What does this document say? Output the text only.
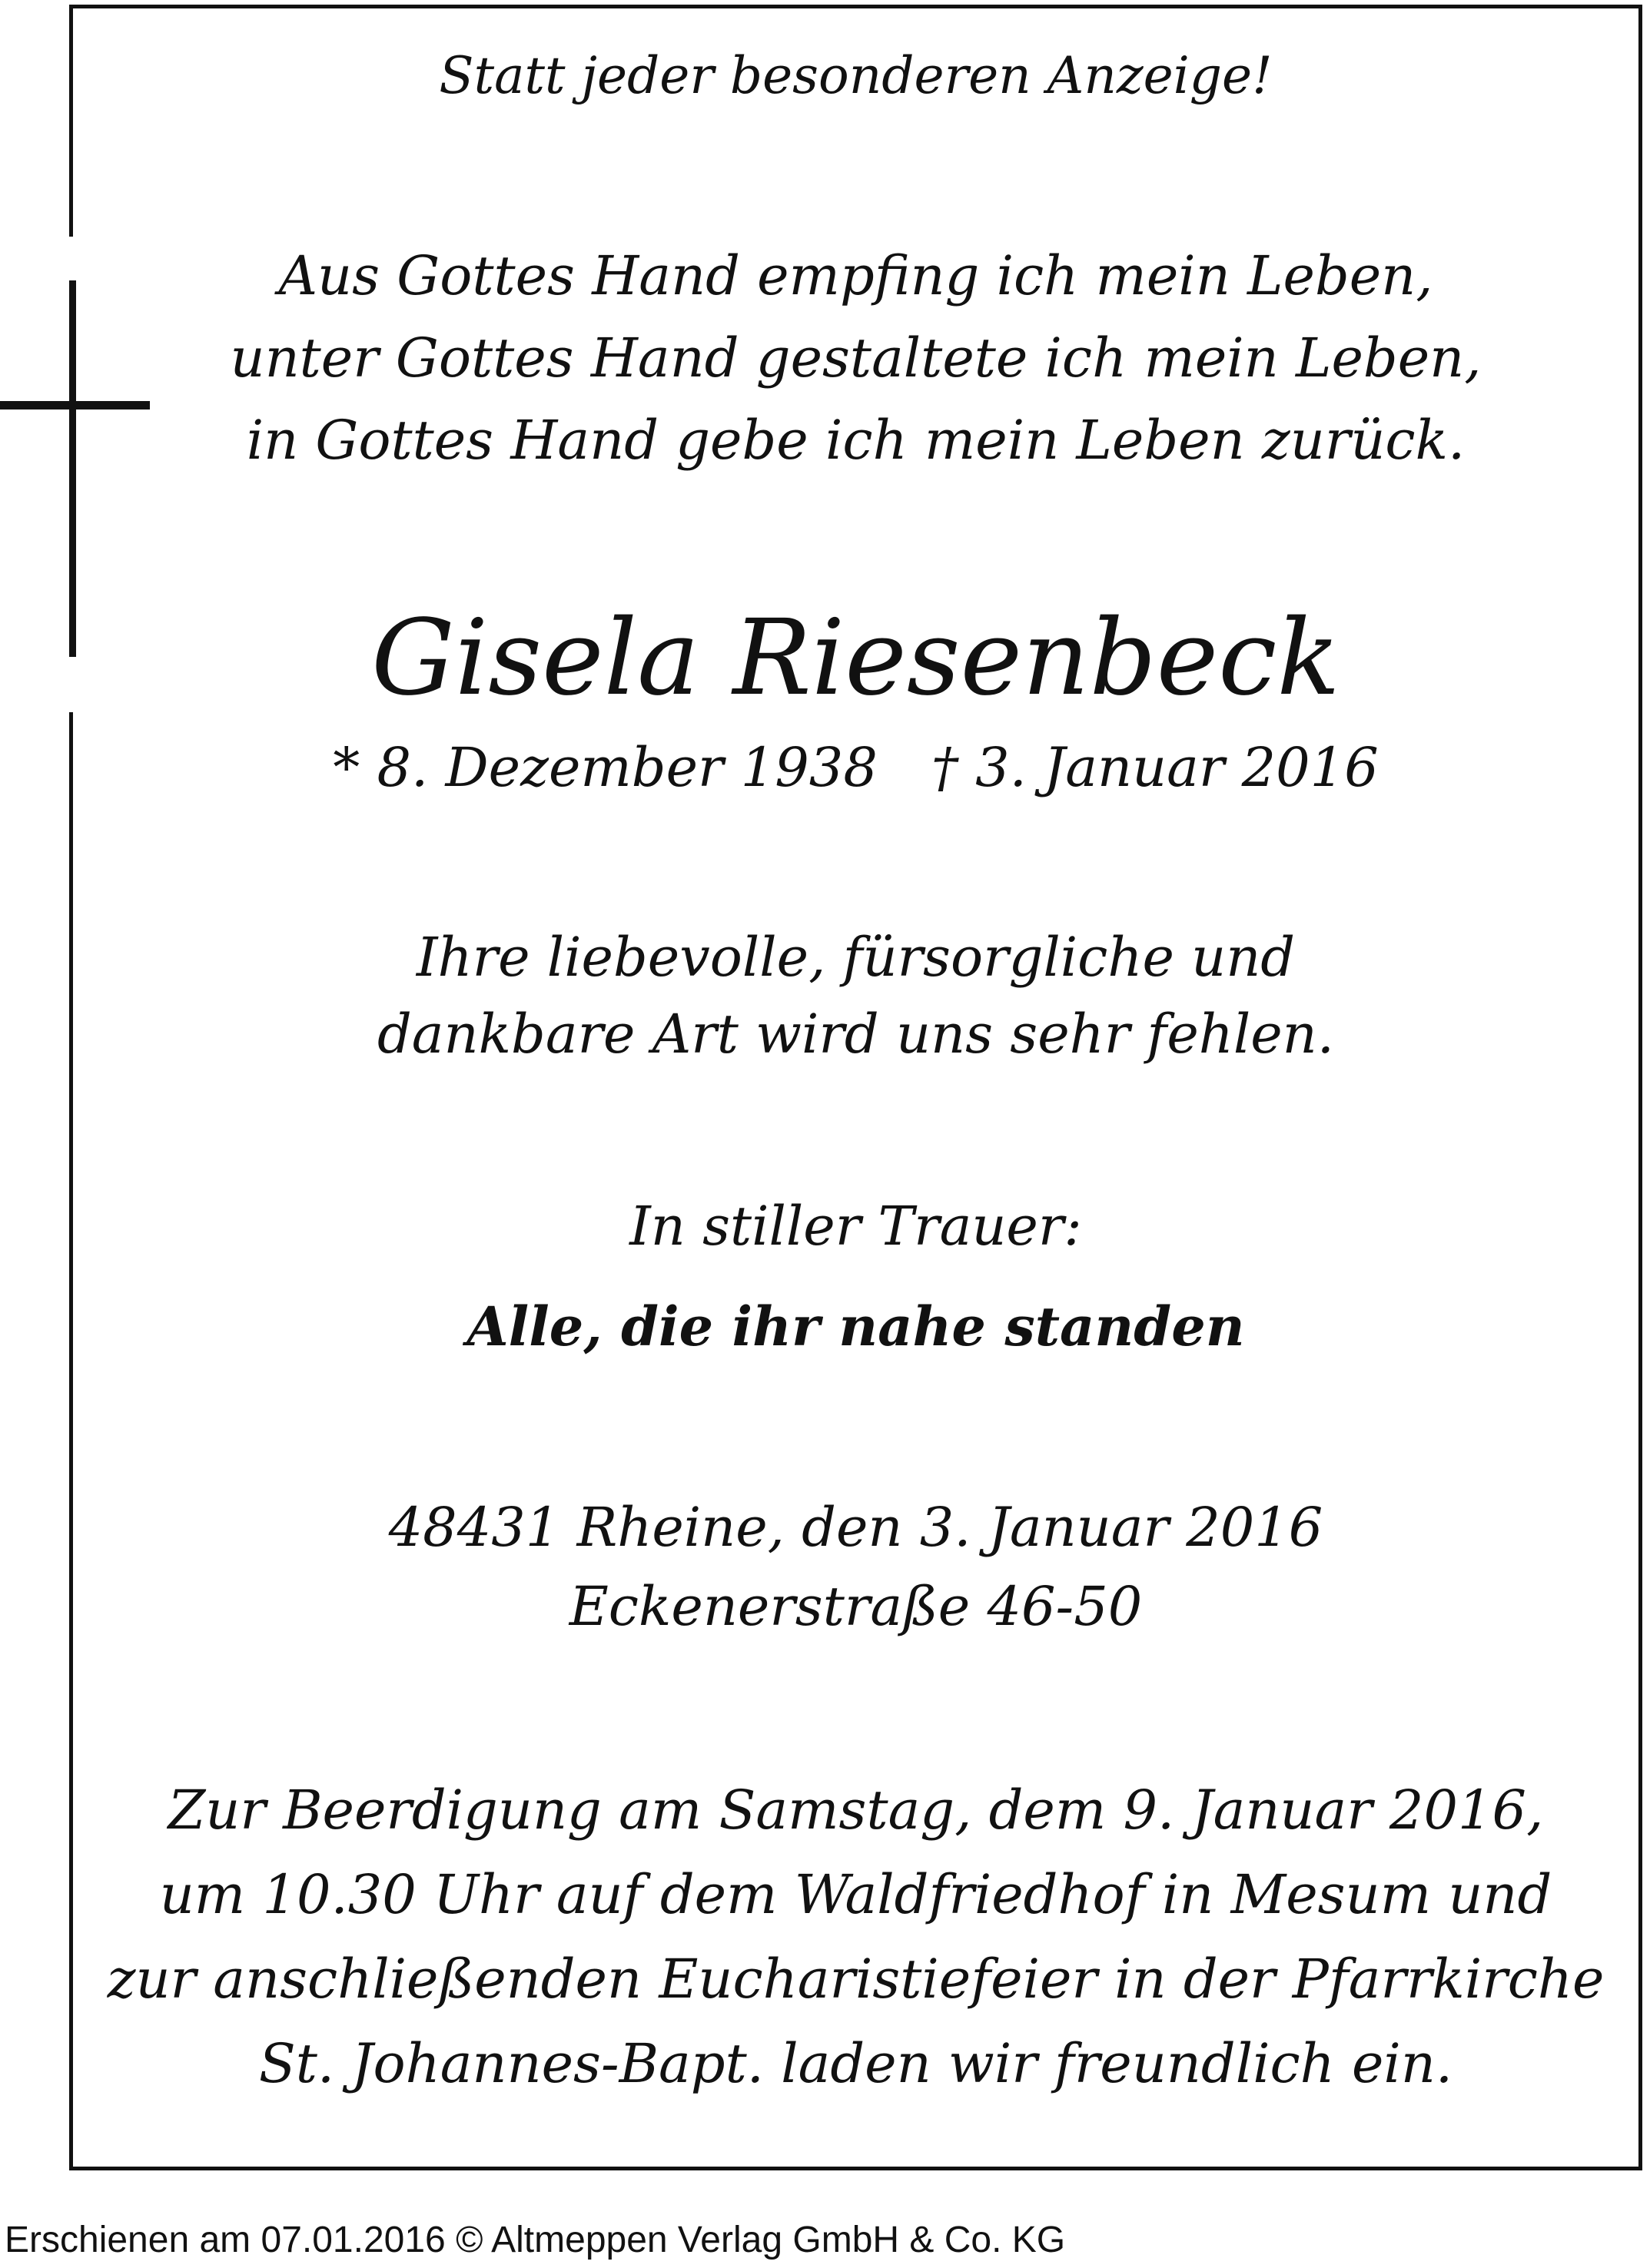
Statt jeder besonderen Anzeige!

Aus Gottes Hand empfing ich mein Leben,

unter Gottes Hand gestaltete ich mein Leben,

in Gottes Hand gebe ich mein Leben zurück.

Gisela Riesenbeck

* 8. Dezember 1938 † 3. Januar 2016

Ihre liebevolle, fürsorgliche und

dankbare Art wird uns sehr fehlen.

In stiller Trauer:

Alle, die ihr nahe standen

48431 Rheine, den 3. Januar 2016

Eckenerstraße 46-50

Zur Beerdigung am Samstag, dem 9. Januar 2016,

um 10.30 Uhr auf dem Waldfriedhof in Mesum und

zur anschließenden Eucharistiefeier in der Pfarrkirche

St. Johannes-Bapt. laden wir freundlich ein.

Erschienen am 07.01.2016 © Altmeppen Verlag GmbH & Co. KG
